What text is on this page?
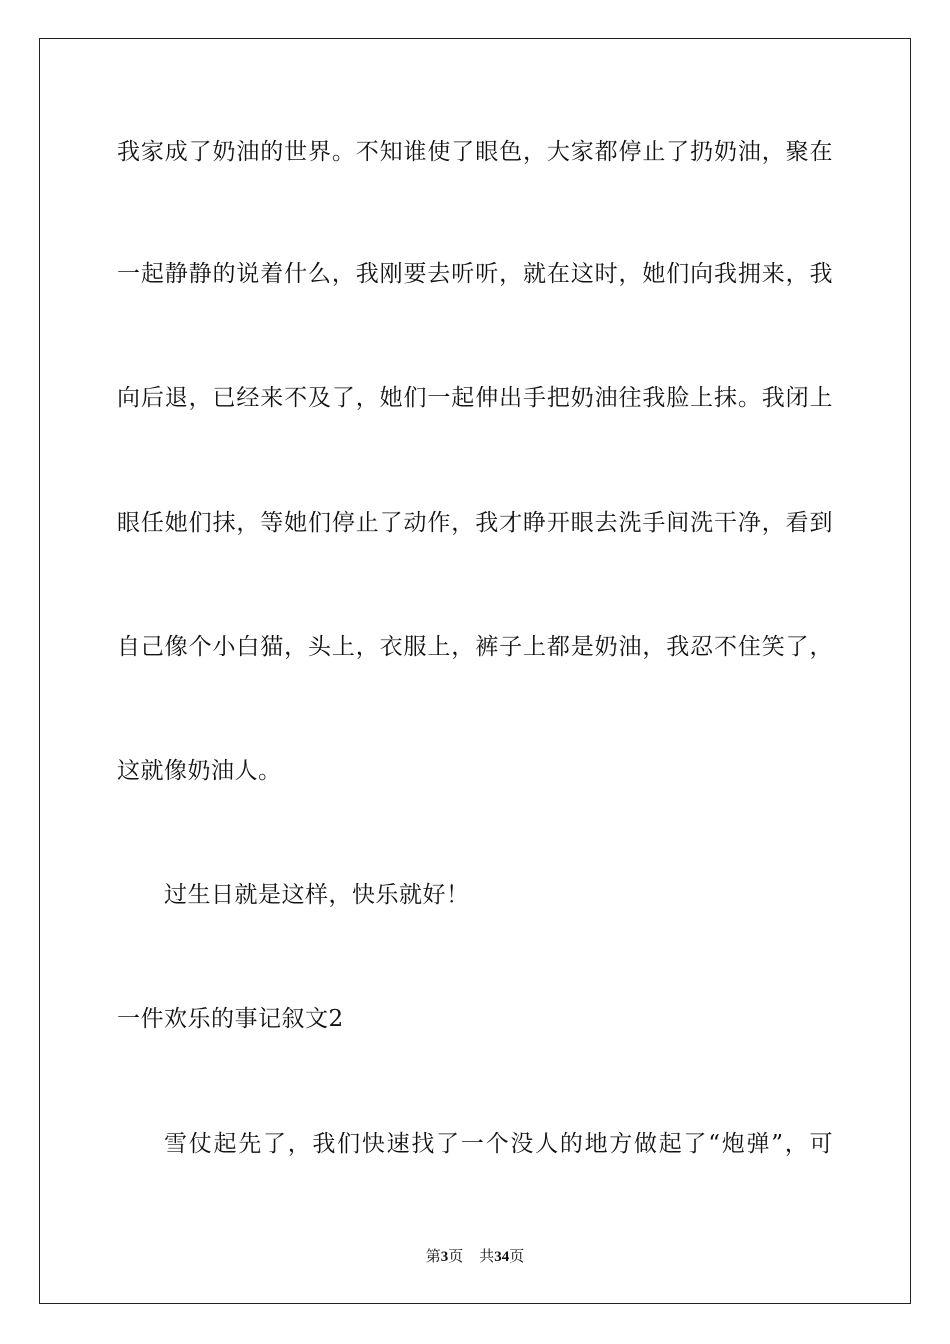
我家成了奶油的世界。不知谁使了眼色，大家都停止了扔奶油，聚在
一起静静的说着什么，我刚要去听听，就在这时，她们向我拥来，我
向后退，已经来不及了，她们一起伸出手把奶油往我脸上抹。我闭上
眼任她们抹，等她们停止了动作，我才睁开眼去洗手间洗干净，看到
自己像个小白猫，头上，衣服上，裤子上都是奶油，我忍不住笑了，
这就像奶油人。
过生日就是这样，快乐就好！
一件欢乐的事记叙文2
雪仗起先了，我们快速找了一个没人的地方做起了“炮弹”，可
第3页 共34页
